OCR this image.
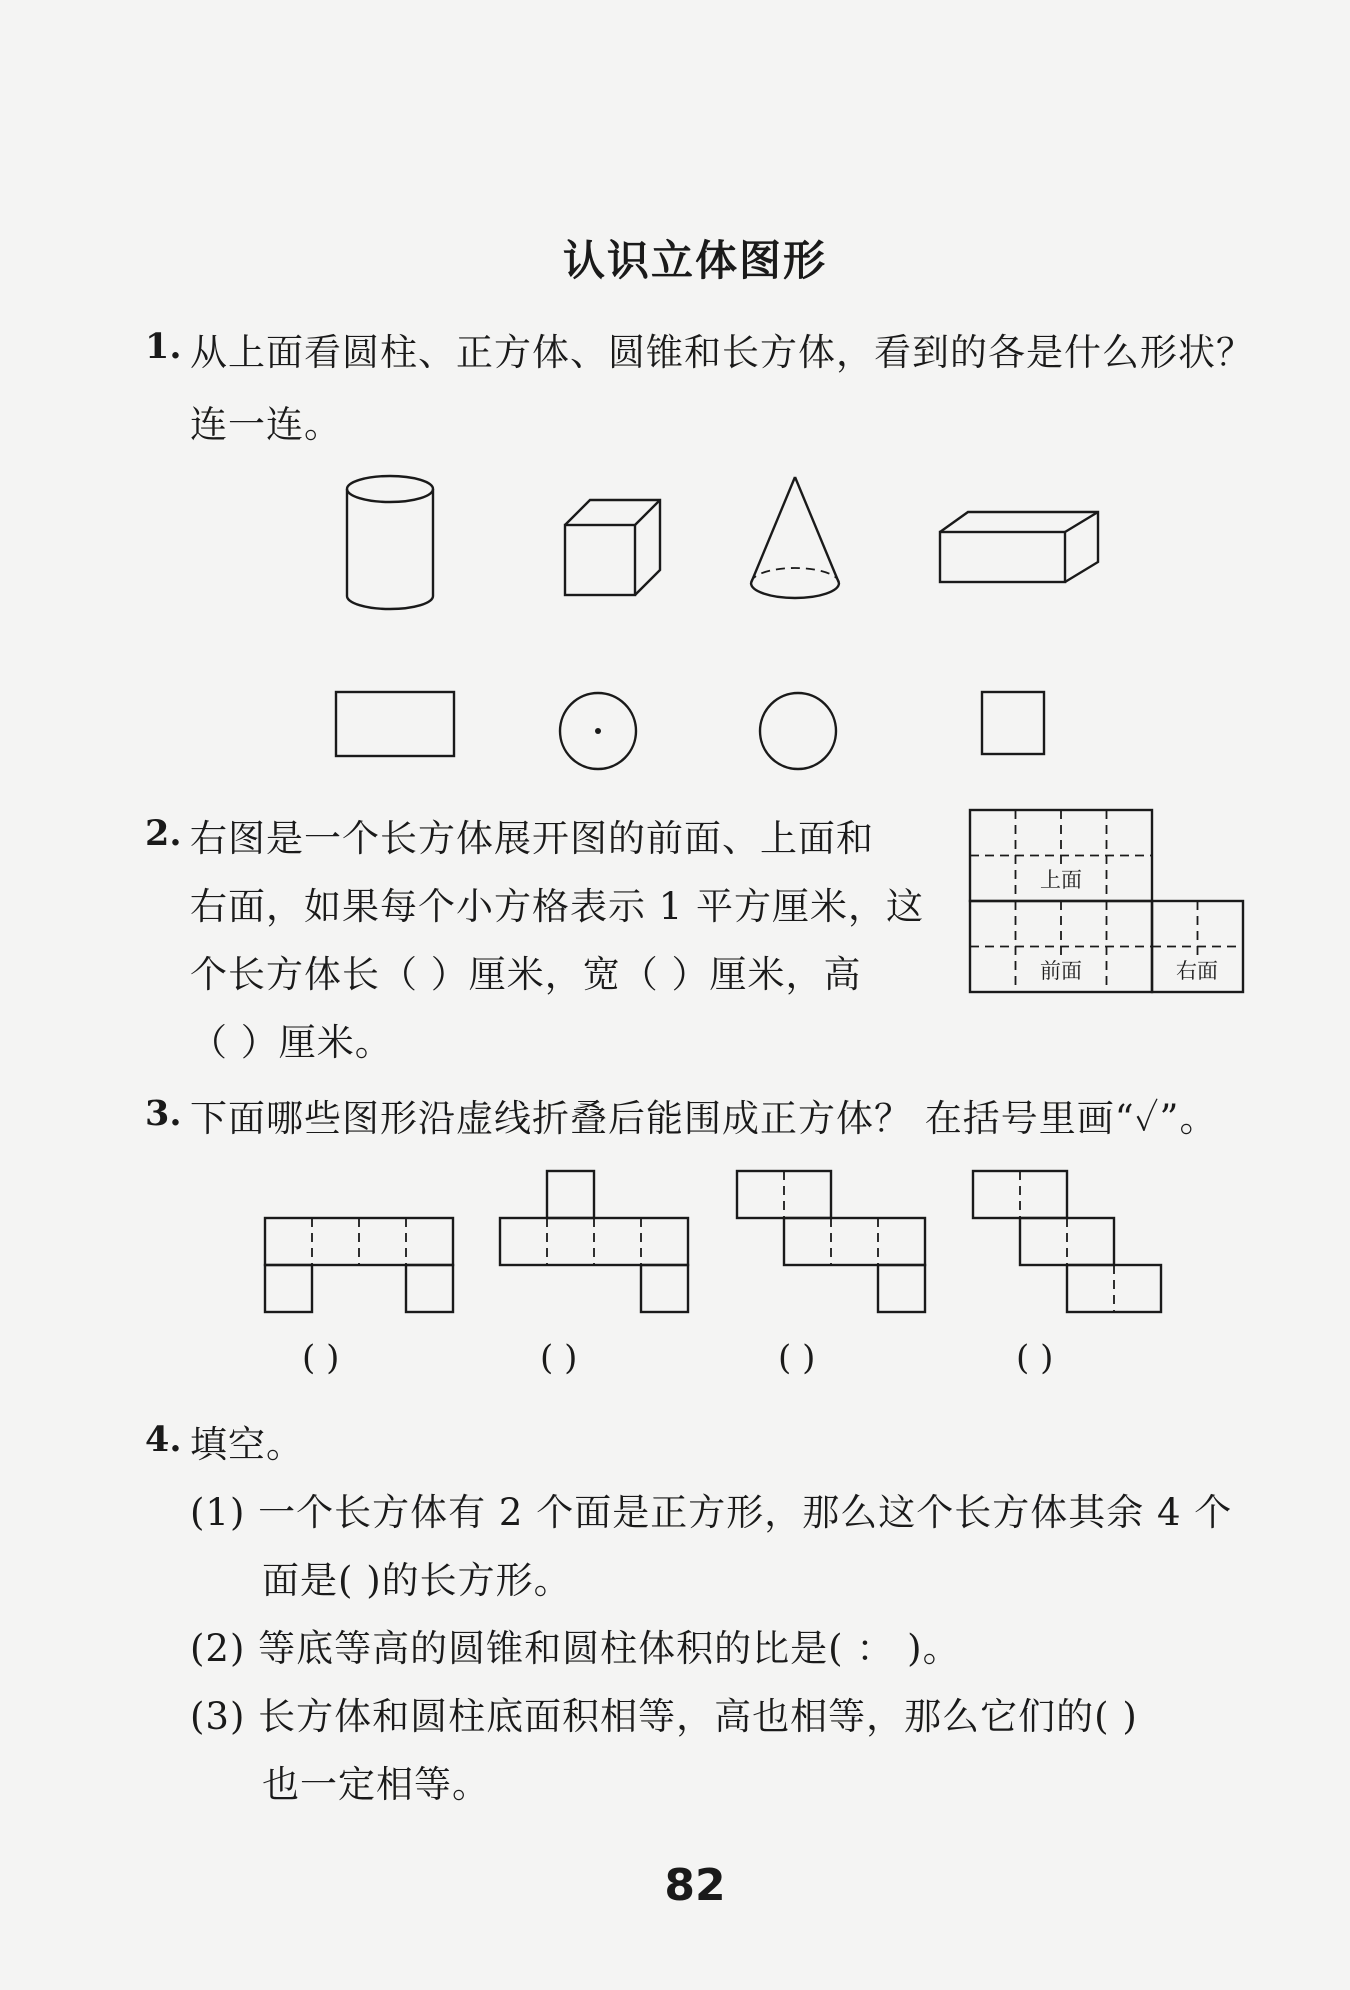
认识立体图形
1. 从上面看圆柱、正方体、圆锥和长方体，看到的各是什么形状？
连一连。
上面
前面	右面
2. 右图是一个长方体展开图的前面、上面和
右面，如果每个小方格表示 1 平方厘米，这
个长方体长（ ）厘米，宽（ ）厘米，高
（ ）厘米。
3. 下面哪些图形沿虚线折叠后能围成正方体？ 在括号里画“✓”。
( )	( )	( )	( )
4. 填空。
(1) 一个长方体有 2 个面是正方形，那么这个长方体其余 4 个
面是( )的长方形。
(2) 等底等高的圆锥和圆柱体积的比是( ： )。
(3) 长方体和圆柱底面积相等，高也相等，那么它们的( )
也一定相等。
82
